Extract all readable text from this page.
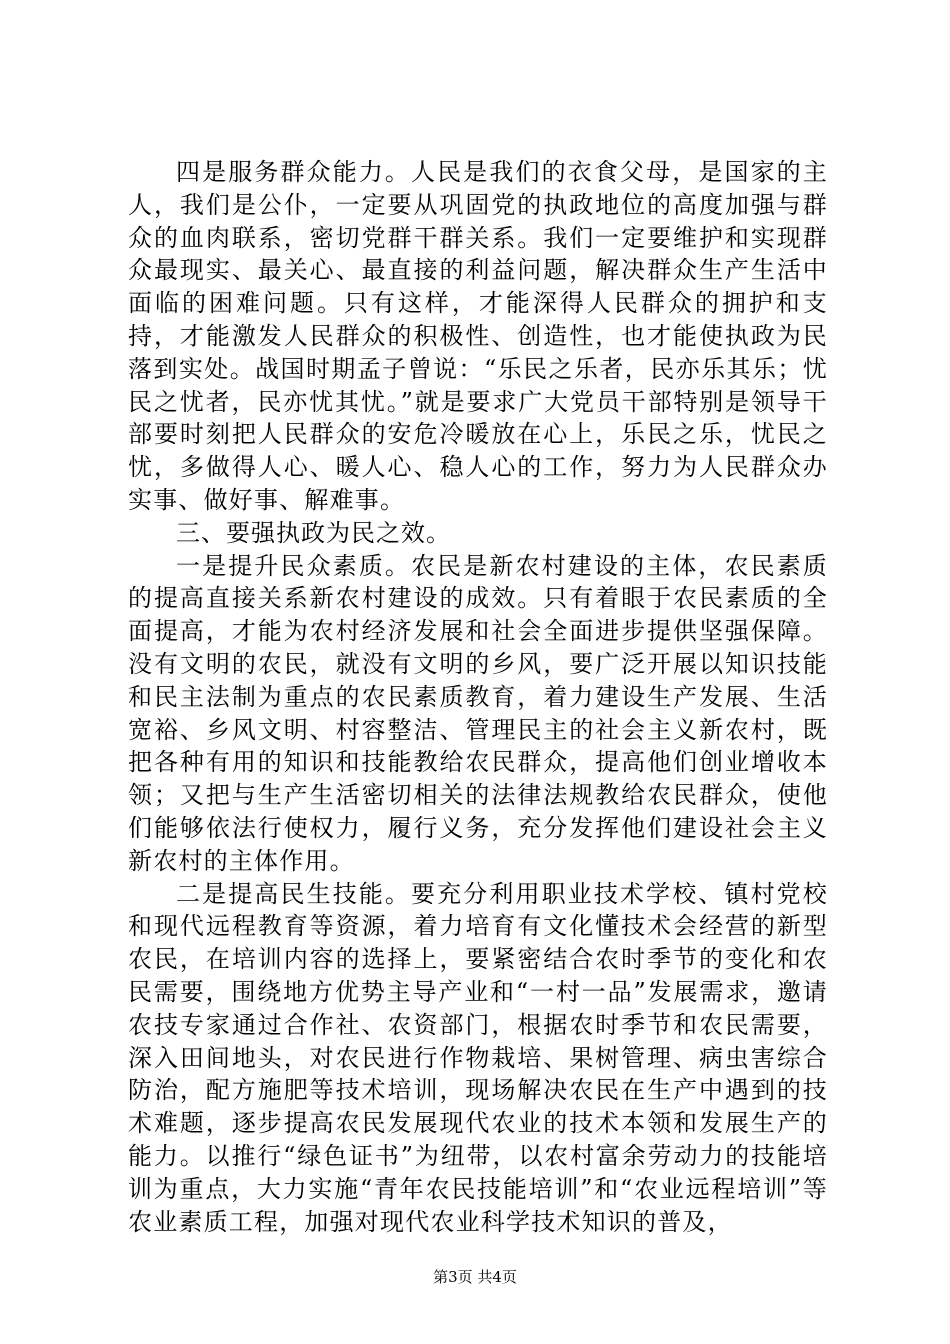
四是服务群众能力。人民是我们的衣食父母，是国家的主人，我们是公仆，一定要从巩固党的执政地位的高度加强与群众的血肉联系，密切党群干群关系。我们一定要维护和实现群众最现实、最关心、最直接的利益问题，解决群众生产生活中面临的困难问题。只有这样，才能深得人民群众的拥护和支持，才能激发人民群众的积极性、创造性，也才能使执政为民落到实处。战国时期孟子曾说：“乐民之乐者，民亦乐其乐；忧民之忧者，民亦忧其忧。”就是要求广大党员干部特别是领导干部要时刻把人民群众的安危冷暖放在心上，乐民之乐，忧民之忧，多做得人心、暖人心、稳人心的工作，努力为人民群众办实事、做好事、解难事。

三、要强执政为民之效。

一是提升民众素质。农民是新农村建设的主体，农民素质的提高直接关系新农村建设的成效。只有着眼于农民素质的全面提高，才能为农村经济发展和社会全面进步提供坚强保障。没有文明的农民，就没有文明的乡风，要广泛开展以知识技能和民主法制为重点的农民素质教育，着力建设生产发展、生活宽裕、乡风文明、村容整洁、管理民主的社会主义新农村，既把各种有用的知识和技能教给农民群众，提高他们创业增收本领；又把与生产生活密切相关的法律法规教给农民群众，使他们能够依法行使权力，履行义务，充分发挥他们建设社会主义新农村的主体作用。

二是提高民生技能。要充分利用职业技术学校、镇村党校和现代远程教育等资源，着力培育有文化懂技术会经营的新型农民，在培训内容的选择上，要紧密结合农时季节的变化和农民需要，围绕地方优势主导产业和“一村一品”发展需求，邀请农技专家通过合作社、农资部门，根据农时季节和农民需要，深入田间地头，对农民进行作物栽培、果树管理、病虫害综合防治，配方施肥等技术培训，现场解决农民在生产中遇到的技术难题，逐步提高农民发展现代农业的技术本领和发展生产的能力。以推行“绿色证书”为纽带，以农村富余劳动力的技能培训为重点，大力实施“青年农民技能培训”和“农业远程培训”等农业素质工程，加强对现代农业科学技术知识的普及，

第3页 共4页
